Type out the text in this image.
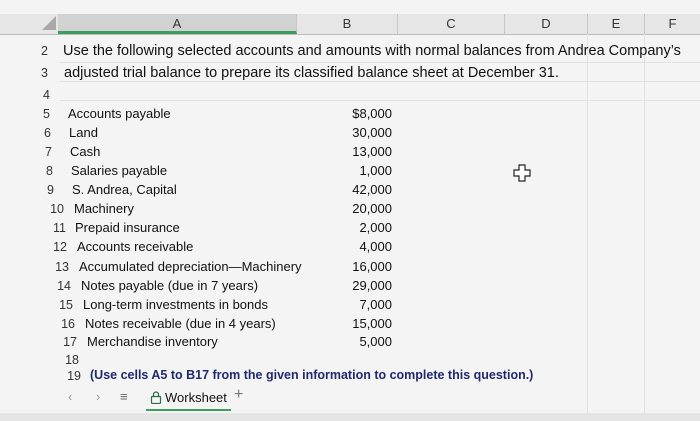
A	B	C	D	E	F
2
3
4
Use the following selected accounts and amounts with normal balances from Andrea Company’s
adjusted trial balance to prepare its classified balance sheet at December 31.
5 Accounts payable	$8,000
6 Land	30,000
7 Cash	13,000
8 Salaries payable	1,000
9 S. Andrea, Capital	42,000
10 Machinery	20,000
11 Prepaid insurance	2,000
12 Accounts receivable	4,000
13 Accumulated depreciation—Machinery	16,000
14 Notes payable (due in 7 years)	29,000
15 Long-term investments in bonds	7,000
16 Notes receivable (due in 4 years)	15,000
17 Merchandise inventory	5,000
18
19 (Use cells A5 to B17 from the given information to complete this question.)
‹ › ≡	Worksheet +
